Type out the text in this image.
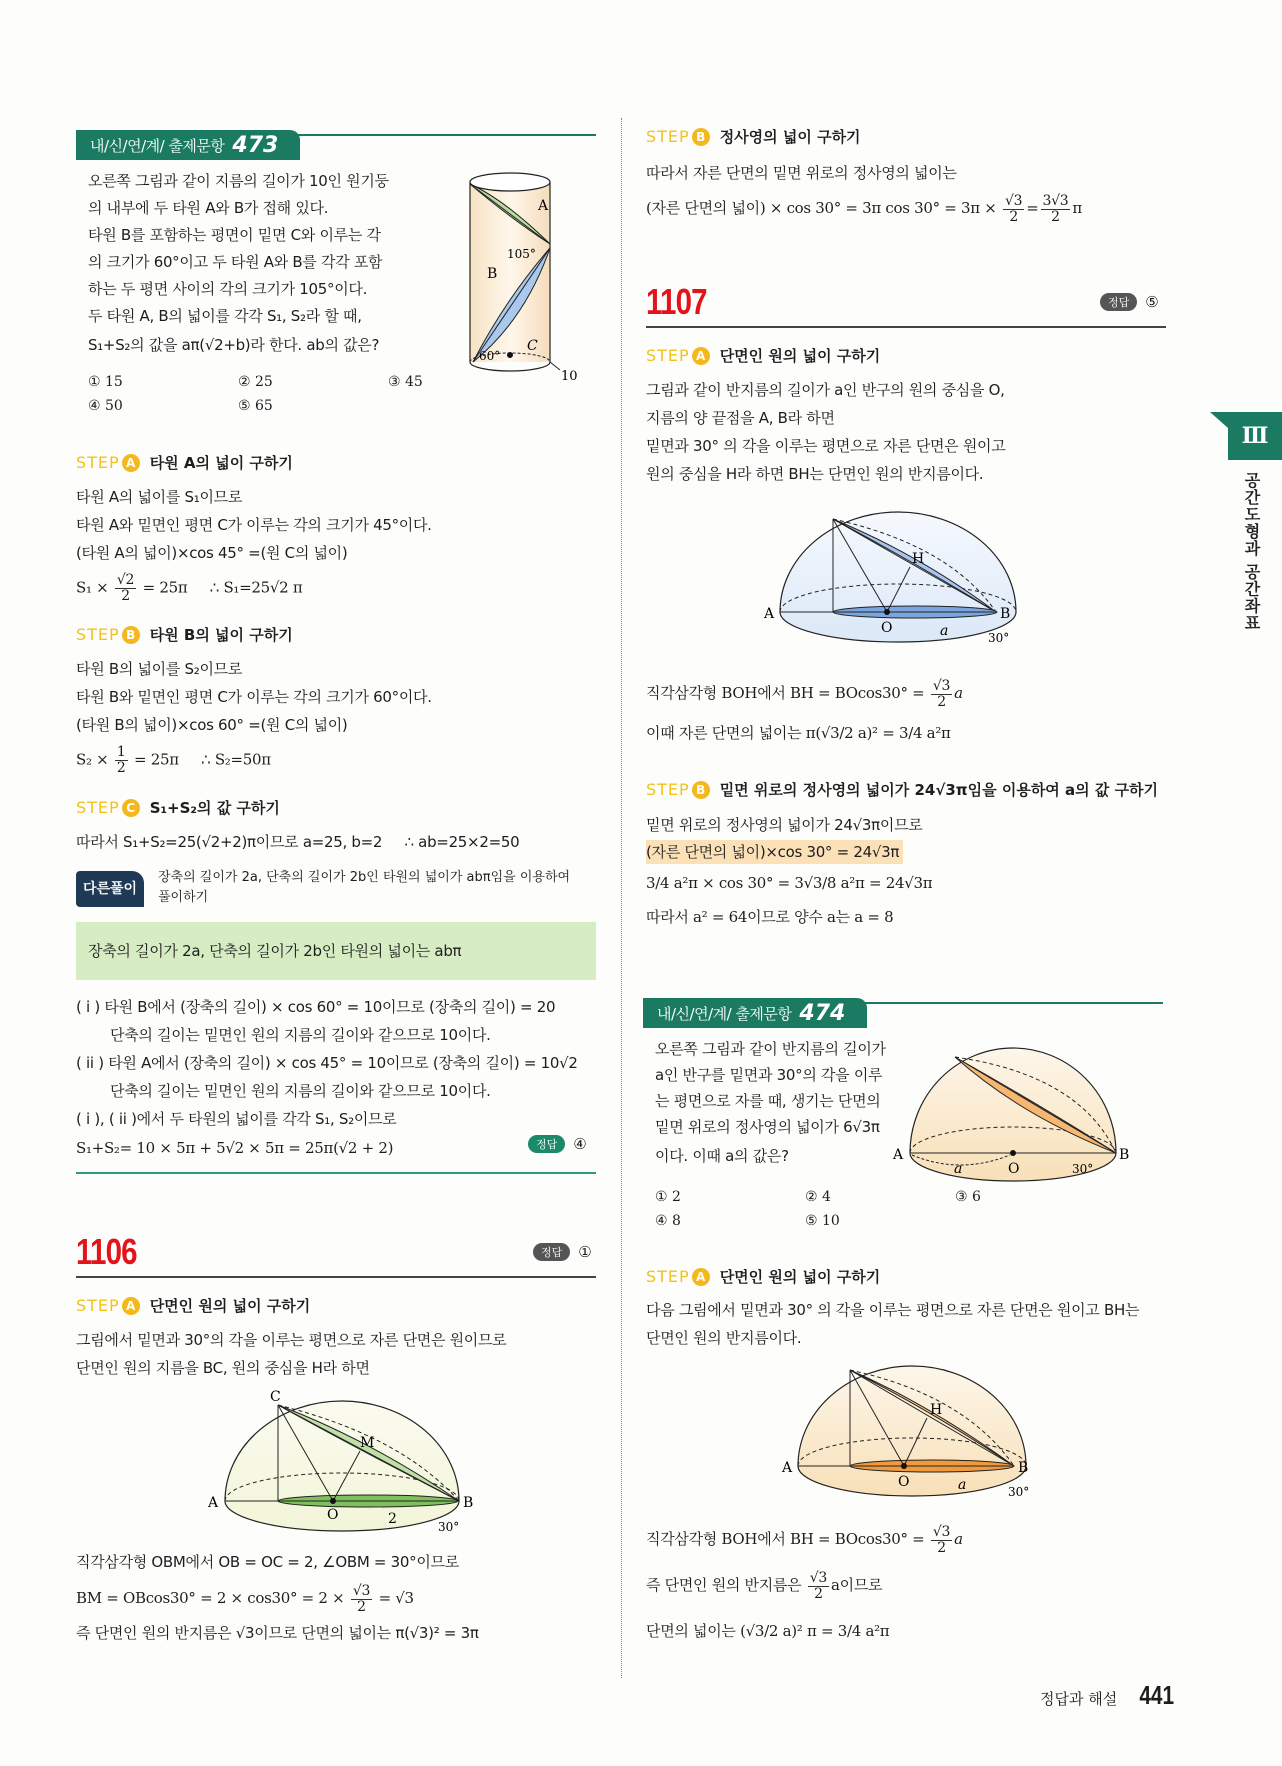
Ⅲ
공간도형과 공간좌표
내/신/연/계/ 출제문항 473
오른쪽 그림과 같이 지름의 길이가 10인 원기둥
의 내부에 두 타원 A와 B가 접해 있다.
타원 B를 포함하는 평면이 밑면 C와 이루는 각
의 크기가 60°이고 두 타원 A와 B를 각각 포함
하는 두 평면 사이의 각의 크기가 105°이다.
두 타원 A, B의 넓이를 각각 S₁, S₂라 할 때,
S₁+S₂의 값을 aπ(√2+b)라 한다. ab의 값은?
A
105°
B
C
60°
10
① 15	② 25	③ 45
④ 50	⑤ 65
STEP A 타원 A의 넓이 구하기
타원 A의 넓이를 S₁이므로
타원 A와 밑면인 평면 C가 이루는 각의 크기가 45°이다.
(타원 A의 넓이)×cos 45° =(원 C의 넓이)
$S_1 \times \frac{√2}{2} = 25\pi$     ∴ S₁=25√2 π
STEP B 타원 B의 넓이 구하기
타원 B의 넓이를 S₂이므로
타원 B와 밑면인 평면 C가 이루는 각의 크기가 60°이다.
(타원 B의 넓이)×cos 60° =(원 C의 넓이)
$S_2 \times \frac{1}{2} = 25\pi$     ∴ S₂=50π
STEP C S₁+S₂의 값 구하기
따라서 S₁+S₂=25(√2+2)π이므로 a=25, b=2     ∴ ab=25×2=50
다른풀이
장축의 길이가 2a, 단축의 길이가 2b인 타원의 넓이가 abπ임을 이용하여
풀이하기
장축의 길이가 2a, 단축의 길이가 2b인 타원의 넓이는 abπ
( i ) 타원 B에서 (장축의 길이) × cos 60° = 10이므로 (장축의 길이) = 20
단축의 길이는 밑면인 원의 지름의 길이와 같으므로 10이다.
( ii ) 타원 A에서 (장축의 길이) × cos 45° = 10이므로 (장축의 길이) = 10√2
단축의 길이는 밑면인 원의 지름의 길이와 같으므로 10이다.
( i ), ( ii )에서 두 타원의 넓이를 각각 S₁, S₂이므로
S₁+S₂= 10 × 5π + 5√2 × 5π = 25π(√2 + 2)	정답	④
1106	정답	①
STEP A 단면인 원의 넓이 구하기
그림에서 밑면과 30°의 각을 이루는 평면으로 자른 단면은 원이므로
단면인 원의 지름을 BC, 원의 중심을 H라 하면
C
M
A
O	2
B
30°
직각삼각형 OBM에서 OB = OC = 2, ∠OBM = 30°이므로
BM = $OBcos30^\circ = 2 \times \cos 30^\circ = 2 \times \frac{√3}{2} = √3$
즉 단면인 원의 반지름은 √3이므로 단면의 넓이는 π(√3)² = 3π
STEP B 정사영의 넓이 구하기
따라서 자른 단면의 밑면 위로의 정사영의 넓이는
(자른 단면의 넓이) × cos 30° = 3π $\cos 30^\circ = 3\pi \times \frac{√3}{2} = \frac{3√3}{2}$ π
1107	정답	⑤
STEP A 단면인 원의 넓이 구하기
그림과 같이 반지름의 길이가 a인 반구의 원의 중심을 O,
지름의 양 끝점을 A, B라 하면
밑면과 30° 의 각을 이루는 평면으로 자른 단면은 원이고
원의 중심을 H라 하면 BH는 단면인 원의 반지름이다.
H
A
O	a
B
30°
직각삼각형 BOH에서 BH = $BOcos30^\circ = \frac{√3}{2}$ a
이때 자른 단면의 넓이는 π(√3/2 a)² = 3/4 a²π
STEP B 밑면 위로의 정사영의 넓이가 24√3π임을 이용하여 a의 값 구하기
밑면 위로의 정사영의 넓이가 24√3π이므로
(자른 단면의 넓이)×cos 30° = 24√3π
3/4 a²π × cos 30° = 3√3/8 a²π = 24√3π
따라서 a² = 64이므로 양수 a는 a = 8
내/신/연/계/ 출제문항 474
오른쪽 그림과 같이 반지름의 길이가
a인 반구를 밑면과 30°의 각을 이루
는 평면으로 자를 때, 생기는 단면의
밑면 위로의 정사영의 넓이가 6√3π
이다. 이때 a의 값은?	A
O
a
B
30°
① 2	② 4	③ 6
④ 8	⑤ 10
STEP A 단면인 원의 넓이 구하기
다음 그림에서 밑면과 30° 의 각을 이루는 평면으로 자른 단면은 원이고 BH는
단면인 원의 반지름이다.
H
A
O	a
B
30°
직각삼각형 BOH에서 BH = $BOcos30^\circ = \frac{√3}{2}$ a
즉 단면인 원의 반지름은 $\frac{√3}{2}$ a이므로
단면의 넓이는 (√3/2 a)² π = 3/4 a²π
정답과 해설 441
